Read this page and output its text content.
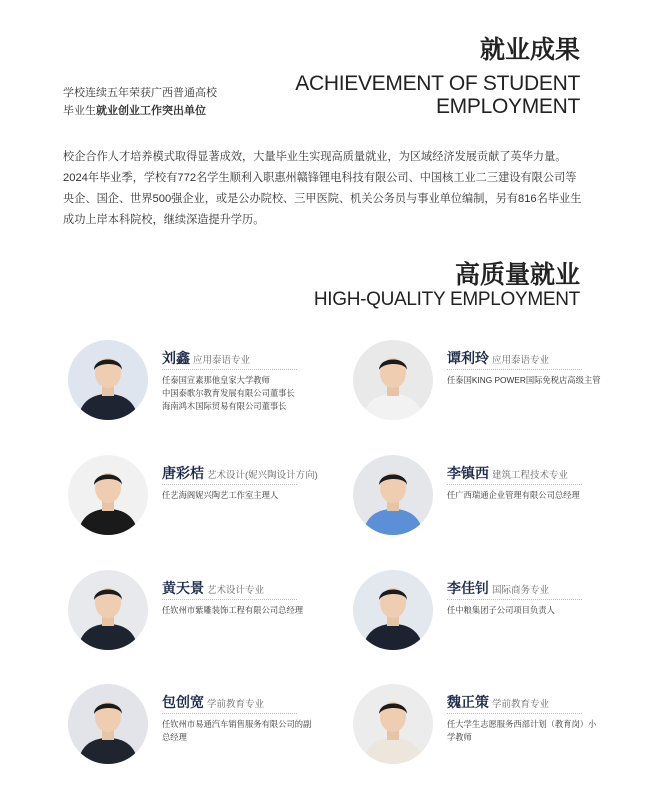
就业成果
ACHIEVEMENT OF STUDENT
EMPLOYMENT
学校连续五年荣获广西普通高校
毕业生就业创业工作突出单位

校企合作人才培养模式取得显著成效，大量毕业生实现高质量就业，为区域经济发展贡献了英华力量。

2024年毕业季，学校有772名学生顺利入职惠州赣锋锂电科技有限公司、中国核工业二三建设有限公司等央企、国企、世界500强企业，或是公办院校、三甲医院、机关公务员与事业单位编制，另有816名毕业生成功上岸本科院校，继续深造提升学历。

高质量就业
HIGH-QUALITY EMPLOYMENT
刘鑫 应用泰语专业
任泰国宣素那他皇家大学教师
中国泰歌尔教育发展有限公司董事长
海南鸿木国际贸易有限公司董事长
谭利玲 应用泰语专业
任泰国KING POWER国际免税店高级主管
唐彩桔 艺术设计(妮兴陶设计方向)
任艺海阁妮兴陶艺工作室主理人
李镇西 建筑工程技术专业
任广西瑞通企业管理有限公司总经理
黄天景 艺术设计专业
任钦州市紫雕装饰工程有限公司总经理
李佳钊 国际商务专业
任中粮集团子公司项目负责人
包创宽 学前教育专业
任钦州市易通汽车销售服务有限公司的副总经理
魏正策 学前教育专业
任大学生志愿服务西部计划（教育岗）小学教师
